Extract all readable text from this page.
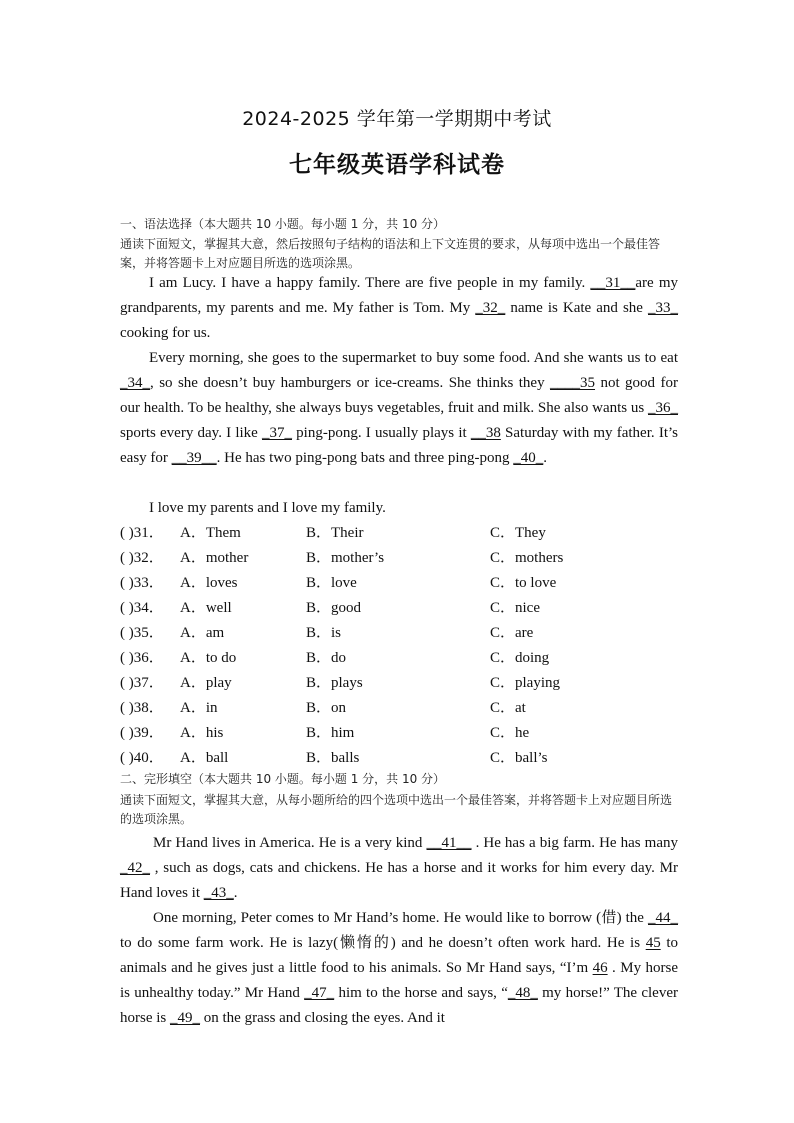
2024-2025 学年第一学期期中考试
七年级英语学科试卷
一、语法选择（本大题共 10 小题。每小题 1 分，共 10 分）
通读下面短文，掌握其大意，然后按照句子结构的语法和上下文连贯的要求，从每项中选出一个最佳答案，并将答题卡上对应题目所选的选项涂黑。
I am Lucy. I have a happy family. There are five people in my family. __31__are my grandparents, my parents and me. My father is Tom. My _32_ name is Kate and she _33_ cooking for us.
Every morning, she goes to the supermarket to buy some food. And she wants us to eat _34_, so she doesn’t buy hamburgers or ice-creams. She thinks they ____35 not good for our health. To be healthy, she always buys vegetables, fruit and milk. She also wants us _36_ sports every day. I like _37_ ping-pong. I usually plays it __38 Saturday with my father. It’s easy for __39__. He has two ping-pong bats and three ping-pong _40_.
I love my parents and I love my family.
( )31． A．Them	B．Their	C．They
( )32． A．mother	B．mother’s	C．mothers
( )33． A．loves	B．love	C．to love
( )34． A．well	B．good	C．nice
( )35． A．am	B．is	C．are
( )36． A．to do	B．do	C．doing
( )37． A．play	B．plays	C．playing
( )38． A．in	B．on	C．at
( )39． A．his	B．him	C．he
( )40． A．ball	B．balls	C．ball’s
二、完形填空（本大题共 10 小题。每小题 1 分，共 10 分）
通读下面短文，掌握其大意，从每小题所给的四个选项中选出一个最佳答案，并将答题卡上对应题目所选的选项涂黑。
Mr Hand lives in America. He is a very kind __41__ . He has a big farm. He has many _42_ , such as dogs, cats and chickens. He has a horse and it works for him every day. Mr Hand loves it _43_.
One morning, Peter comes to Mr Hand’s home. He would like to borrow (借) the _44_ to do some farm work. He is lazy(懒惰的) and he doesn’t often work hard. He is 45 to animals and he gives just a little food to his animals. So Mr Hand says, “I’m 46 . My horse is unhealthy today.” Mr Hand _47_ him to the horse and says, “_48_ my horse!” The clever horse is _49_ on the grass and closing the eyes. And it
